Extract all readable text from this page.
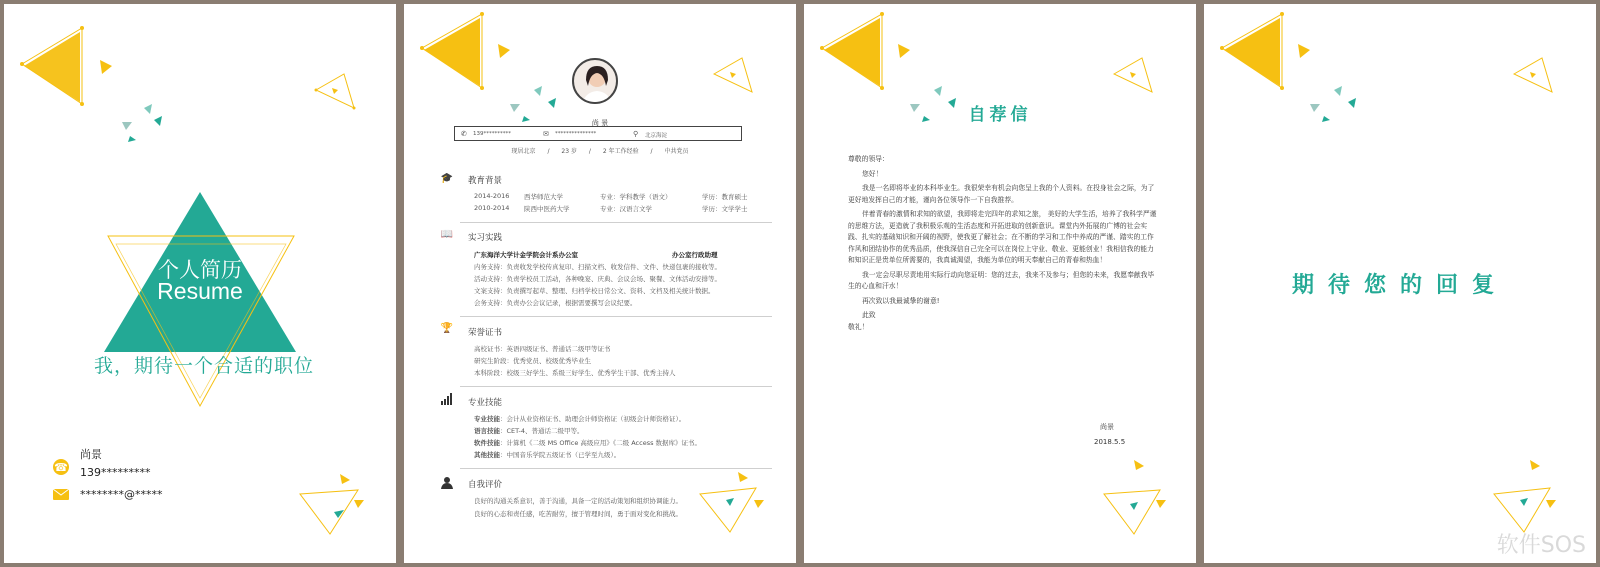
个人简历
Resume
我，期待一个合适的职位
尚景
☎ 139*********
********@*****
尚 景
✆ 139**********	✉ ***************	⚲ 北京海淀
现居北京 / 23 岁 / 2 年工作经验 / 中共党员
🎓 教育背景
2014-2016 西华师范大学	专业：学科教学（语文）	学历：教育硕士
2010-2014 陕西中医药大学	专业：汉语言文学	学历：文学学士
📖 实习实践
广东海洋大学计金学院会计系办公室	办公室行政助理
内务支持：负责收发学校传真复印、扫描文档、收发信件、文件、快递包裹的接收等。
活动支持：负责学校员工活动，各种晚宴、庆典、会议会场、聚餐、文体活动安排等。
文案支持：负责撰写起草、整理、归档学校日常公文、资料、文档及相关统计数据。
会务支持：负责办公会议记录，根据需要撰写会议纪要。
🏆 荣誉证书
高校证书：英语四级证书、普通话二级甲等证书
研究生阶段：优秀党员、校级优秀毕业生
本科阶段：校级三好学生、系级三好学生、优秀学生干部、优秀主持人
专业技能
专业技能：会计从业资格证书、助理会计师资格证（初级会计师资格证）。
语言技能：CET-4、普通话二级甲等。
软件技能：计算机《二级 MS Office 高级应用》《二级 Access 数据库》证书。
其他技能：中国音乐学院五级证书（已学至九级）。
自我评价
良好的沟通关系意识，善于沟通，具备一定的活动策划和组织协调能力。
良好的心态和责任感，吃苦耐劳，擅于管理时间，勇于面对变化和挑战。
自荐信

尊敬的领导：

您好！

我是一名即将毕业的本科毕业生。我很荣幸有机会向您呈上我的个人资料。在投身社会之际，为了更好地发挥自己的才能，谨向各位领导作一下自我推荐。

伴着青春的激情和求知的欲望，我即将走完四年的求知之旅， 美好的大学生活，培养了我科学严谨的思维方法，更造就了我积极乐观的生活态度和开拓进取的创新意识。课堂内外拓展的广博的社会实践、扎实的基础知识和开阔的视野，使我更了解社会；在不断的学习和工作中养成的严谨、踏实的工作作风和团结协作的优秀品质，使我深信自己完全可以在岗位上守业、敬业、更能创业！我相信我的能力和知识正是贵单位所需要的，我真诚渴望，我能为单位的明天奉献自己的青春和热血！

我一定会尽职尽责地用实际行动向您证明：您的过去，我来不及参与；但您的未来，我愿奉献我毕生的心血和汗水！

再次致以我最诚挚的谢意!

此致

敬礼！

尚景
2018.5.5
期待您的回复
软件SOS
